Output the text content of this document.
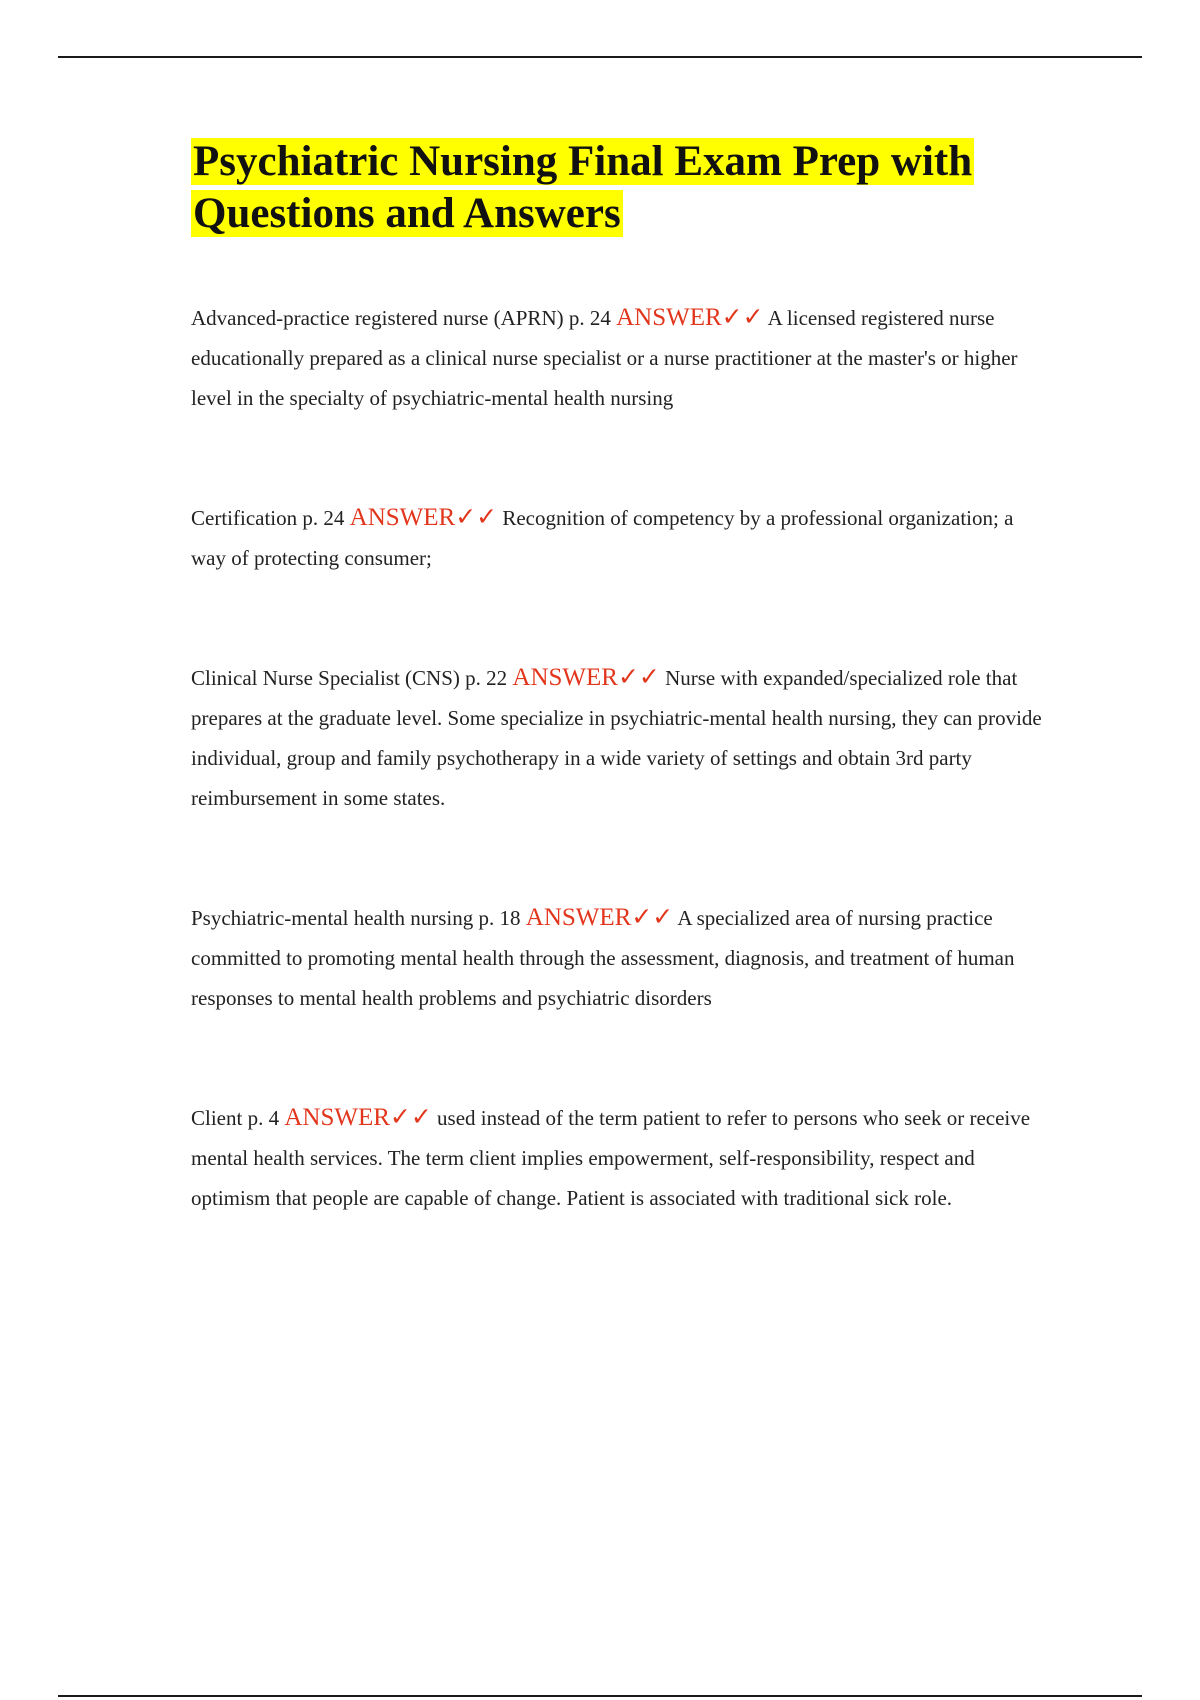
Psychiatric Nursing Final Exam Prep with Questions and Answers

Advanced-practice registered nurse (APRN) p. 24 ANSWER✓✓ A licensed registered nurse educationally prepared as a clinical nurse specialist or a nurse practitioner at the master's or higher level in the specialty of psychiatric-mental health nursing

Certification p. 24 ANSWER✓✓ Recognition of competency by a professional organization; a way of protecting consumer;

Clinical Nurse Specialist (CNS) p. 22 ANSWER✓✓ Nurse with expanded/specialized role that prepares at the graduate level. Some specialize in psychiatric-mental health nursing, they can provide individual, group and family psychotherapy in a wide variety of settings and obtain 3rd party reimbursement in some states.

Psychiatric-mental health nursing p. 18 ANSWER✓✓ A specialized area of nursing practice committed to promoting mental health through the assessment, diagnosis, and treatment of human responses to mental health problems and psychiatric disorders

Client p. 4 ANSWER✓✓ used instead of the term patient to refer to persons who seek or receive mental health services. The term client implies empowerment, self-responsibility, respect and optimism that people are capable of change. Patient is associated with traditional sick role.
